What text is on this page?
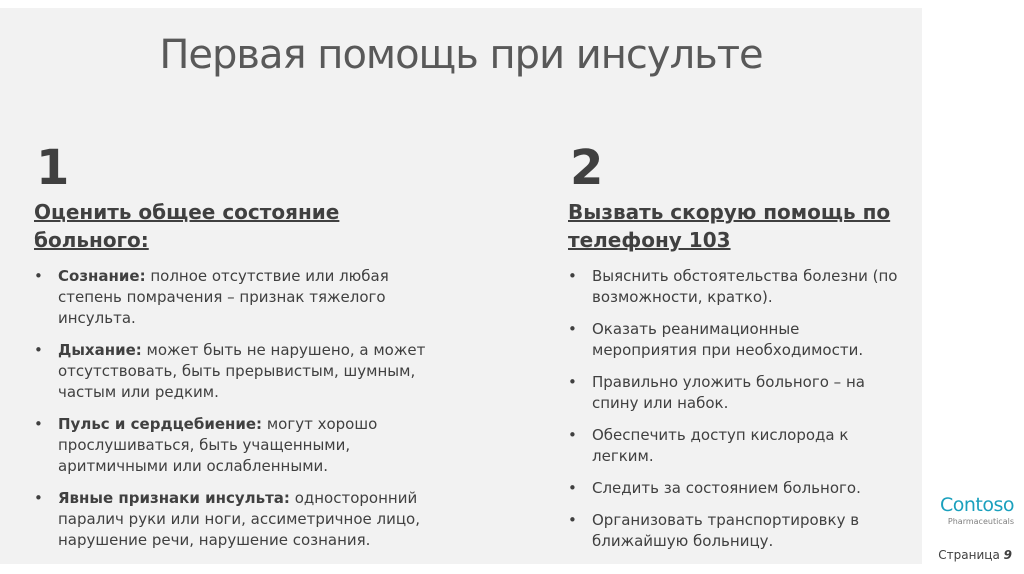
Первая помощь при инсульте
1
Оценить общее состояние больного:
• Сознание: полное отсутствие или любая степень помрачения – признак тяжелого инсульта.
• Дыхание: может быть не нарушено, а может отсутствовать, быть прерывистым, шумным, частым или редким.
• Пульс и сердцебиение: могут хорошо прослушиваться, быть учащенными, аритмичными или ослабленными.
• Явные признаки инсульта: односторонний паралич руки или ноги, ассиметричное лицо, нарушение речи, нарушение сознания.
2
Вызвать скорую помощь по телефону 103
• Выяснить обстоятельства болезни (по возможности, кратко).
• Оказать реанимационные мероприятия при необходимости.
• Правильно уложить больного – на спину или набок.
• Обеспечить доступ кислорода к легким.
• Следить за состоянием больного.
• Организовать транспортировку в ближайшую больницу.
Contoso
Pharmaceuticals
Страница 9
